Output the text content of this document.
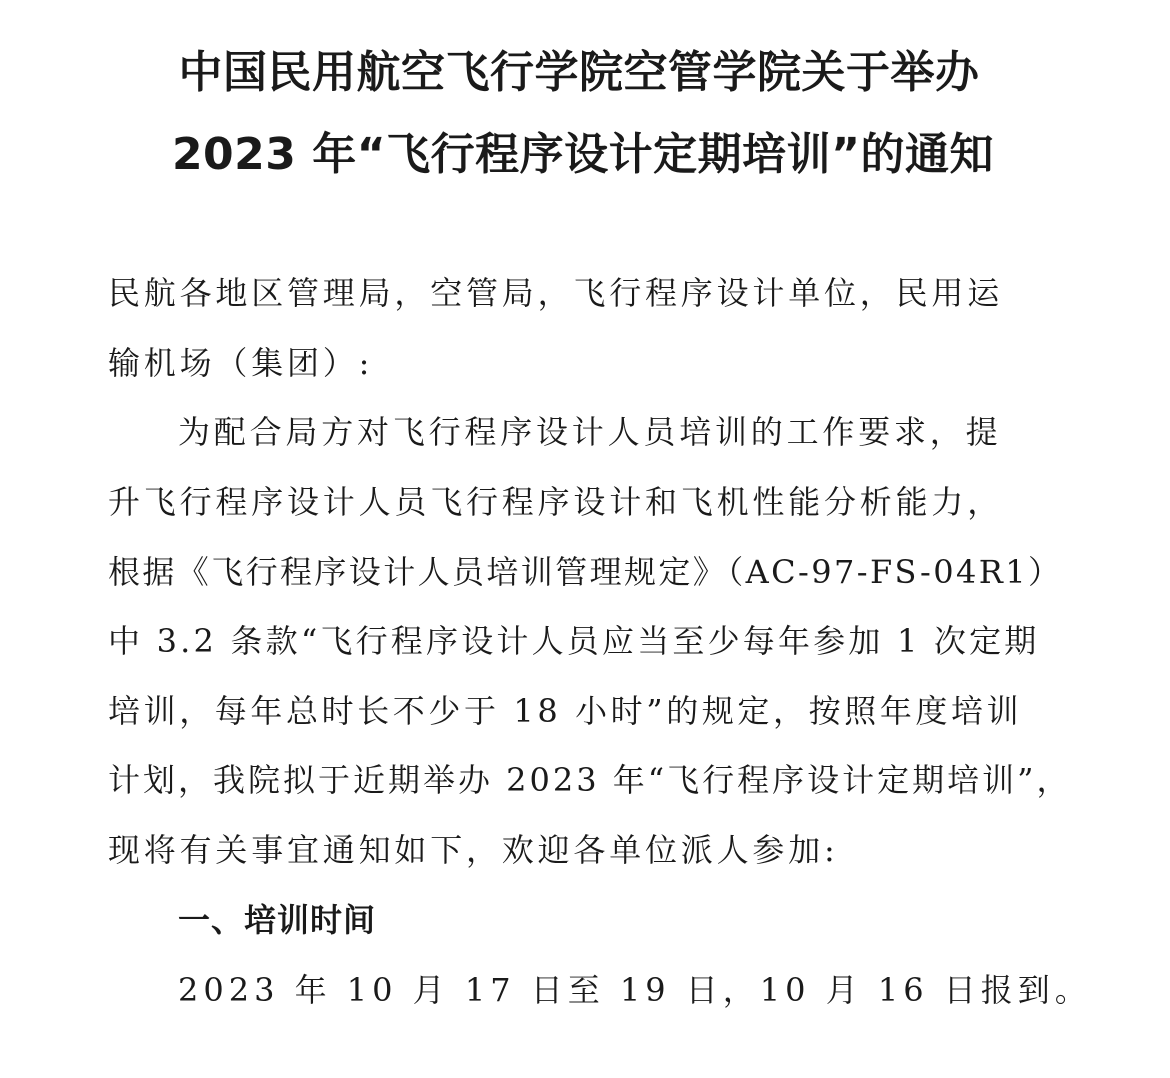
中国民用航空飞行学院空管学院关于举办
2023 年“飞行程序设计定期培训”的通知
民航各地区管理局，空管局，飞行程序设计单位，民用运
输机场（集团）:
为配合局方对飞行程序设计人员培训的工作要求，提
升飞行程序设计人员飞行程序设计和飞机性能分析能力，
根据《飞行程序设计人员培训管理规定》（AC-97-FS-04R1）
中 3.2 条款“飞行程序设计人员应当至少每年参加 1 次定期
培训，每年总时长不少于 18 小时”的规定，按照年度培训
计划，我院拟于近期举办 2023 年“飞行程序设计定期培训”，
现将有关事宜通知如下，欢迎各单位派人参加:
一、培训时间
2023 年 10 月 17 日至 19 日，10 月 16 日报到。
